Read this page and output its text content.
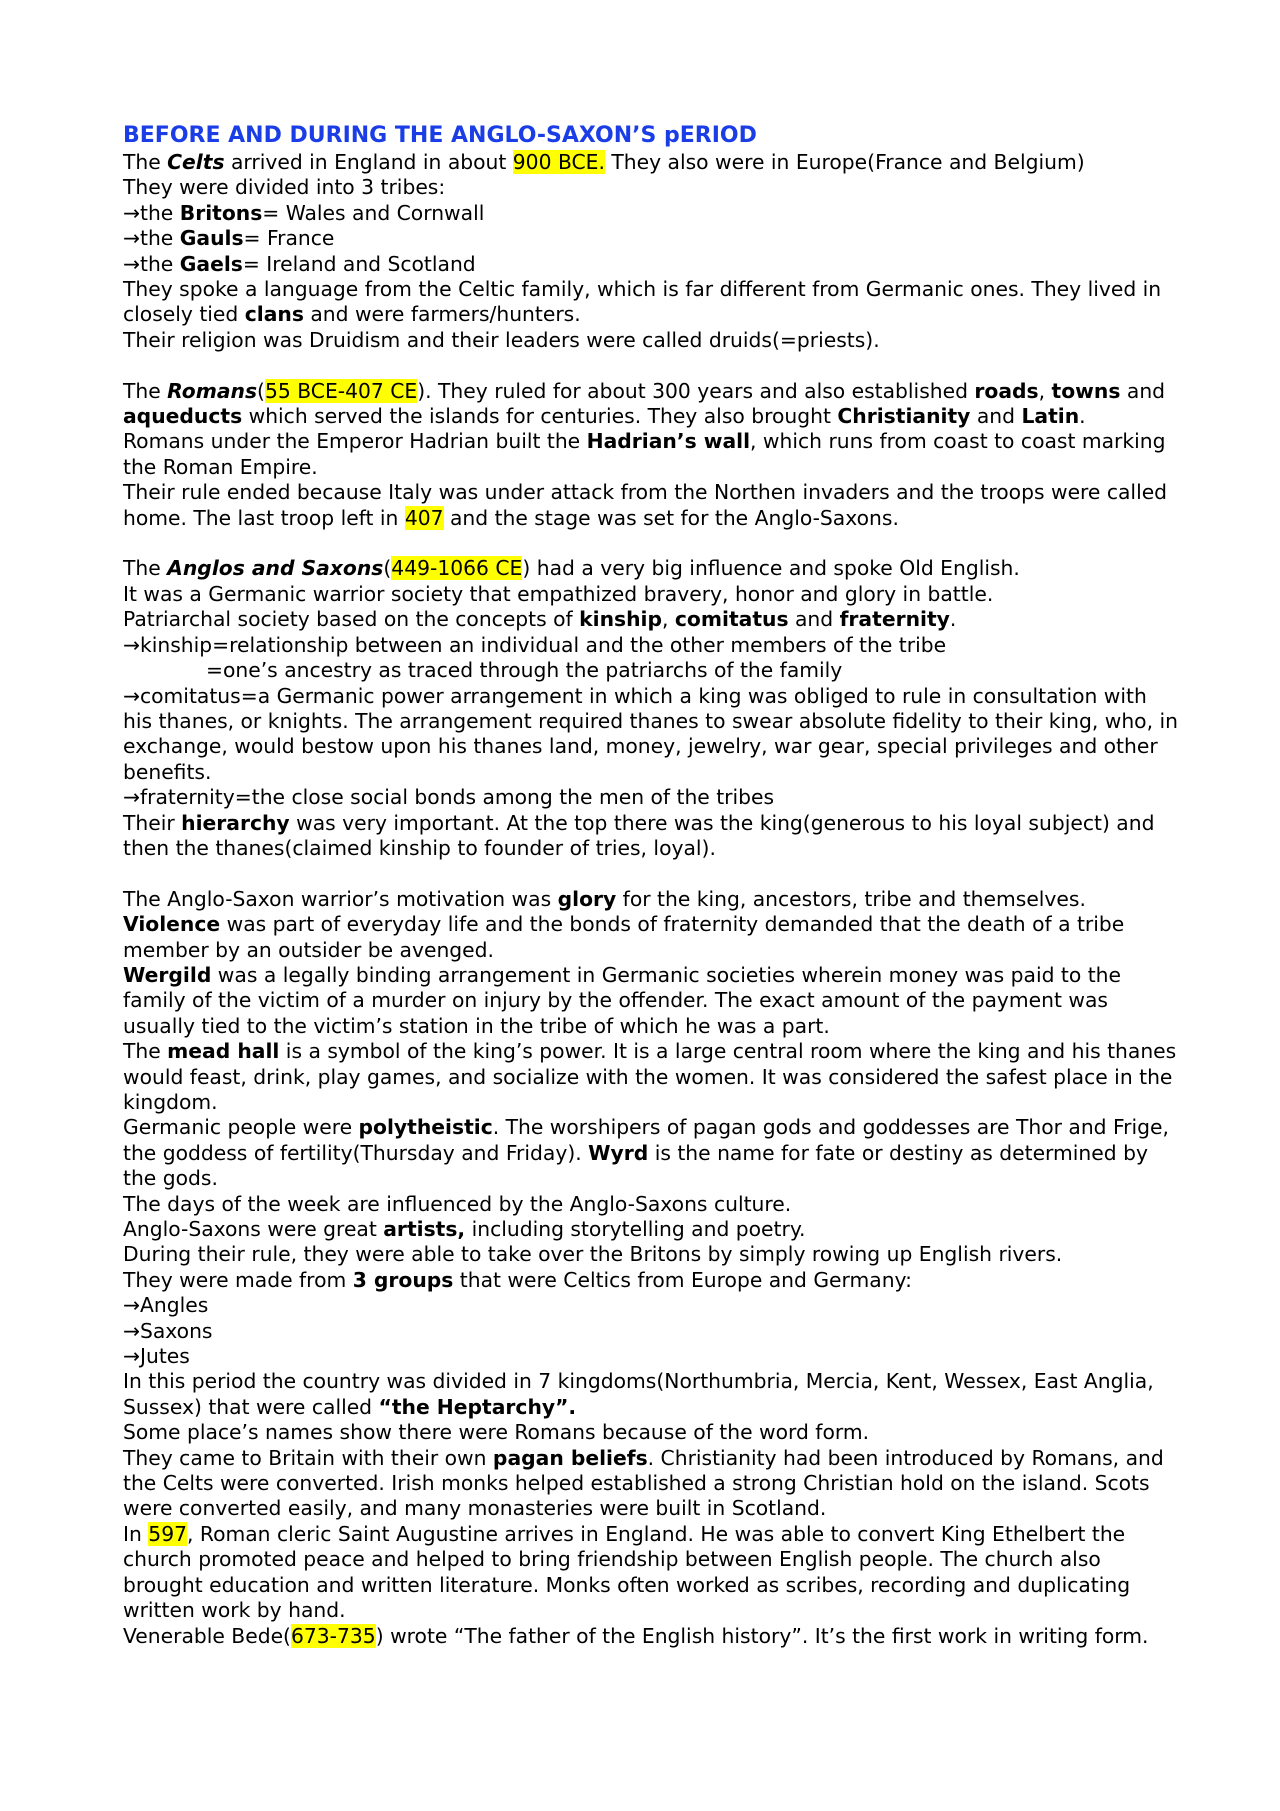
BEFORE AND DURING THE ANGLO-SAXON’S pERIOD

The Celts arrived in England in about 900 BCE. They also were in Europe(France and Belgium)

They were divided into 3 tribes:

→the Britons= Wales and Cornwall

→the Gauls= France

→the Gaels= Ireland and Scotland

They spoke a language from the Celtic family, which is far different from Germanic ones. They lived in closely tied clans and were farmers/hunters.

Their religion was Druidism and their leaders were called druids(=priests).

The Romans(55 BCE-407 CE). They ruled for about 300 years and also established roads, towns and aqueducts which served the islands for centuries. They also brought Christianity and Latin.

Romans under the Emperor Hadrian built the Hadrian’s wall, which runs from coast to coast marking the Roman Empire.

Their rule ended because Italy was under attack from the Northen invaders and the troops were called home. The last troop left in 407 and the stage was set for the Anglo-Saxons.

The Anglos and Saxons(449-1066 CE) had a very big influence and spoke Old English.

It was a Germanic warrior society that empathized bravery, honor and glory in battle.

Patriarchal society based on the concepts of kinship, comitatus and fraternity.

→kinship=relationship between an individual and the other members of the tribe

=one’s ancestry as traced through the patriarchs of the family

→comitatus=a Germanic power arrangement in which a king was obliged to rule in consultation with his thanes, or knights. The arrangement required thanes to swear absolute fidelity to their king, who, in exchange, would bestow upon his thanes land, money, jewelry, war gear, special privileges and other benefits.

→fraternity=the close social bonds among the men of the tribes

Their hierarchy was very important. At the top there was the king(generous to his loyal subject) and then the thanes(claimed kinship to founder of tries, loyal).

The Anglo-Saxon warrior’s motivation was glory for the king, ancestors, tribe and themselves.

Violence was part of everyday life and the bonds of fraternity demanded that the death of a tribe member by an outsider be avenged.

Wergild was a legally binding arrangement in Germanic societies wherein money was paid to the family of the victim of a murder on injury by the offender. The exact amount of the payment was usually tied to the victim’s station in the tribe of which he was a part.

The mead hall is a symbol of the king’s power. It is a large central room where the king and his thanes would feast, drink, play games, and socialize with the women. It was considered the safest place in the kingdom.

Germanic people were polytheistic. The worshipers of pagan gods and goddesses are Thor and Frige, the goddess of fertility(Thursday and Friday). Wyrd is the name for fate or destiny as determined by the gods.

The days of the week are influenced by the Anglo-Saxons culture.

Anglo-Saxons were great artists, including storytelling and poetry.

During their rule, they were able to take over the Britons by simply rowing up English rivers.

They were made from 3 groups that were Celtics from Europe and Germany:

→Angles

→Saxons

→Jutes

In this period the country was divided in 7 kingdoms(Northumbria, Mercia, Kent, Wessex, East Anglia, Sussex) that were called “the Heptarchy”.

Some place’s names show there were Romans because of the word form.

They came to Britain with their own pagan beliefs. Christianity had been introduced by Romans, and the Celts were converted. Irish monks helped established a strong Christian hold on the island. Scots were converted easily, and many monasteries were built in Scotland.

In 597, Roman cleric Saint Augustine arrives in England. He was able to convert King Ethelbert the church promoted peace and helped to bring friendship between English people. The church also brought education and written literature. Monks often worked as scribes, recording and duplicating written work by hand.

Venerable Bede(673-735) wrote “The father of the English history”. It’s the first work in writing form.
